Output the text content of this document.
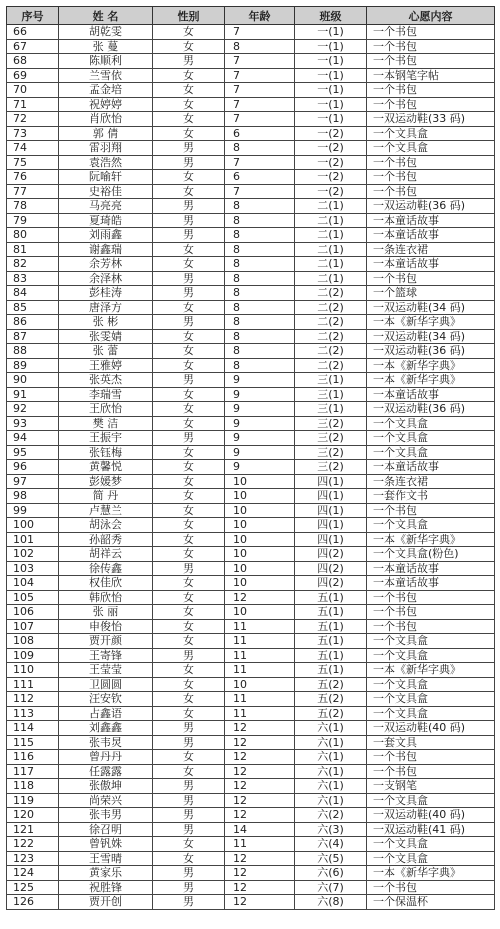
序号	姓 名	性别	年龄	班级	心愿内容
66	胡乾雯	女	7	一(1)	一个书包
67	张 蔓	女	8	一(1)	一个书包
68	陈顺利	男	7	一(1)	一个书包
69	兰雪依	女	7	一(1)	一本钢笔字帖
70	孟金培	女	7	一(1)	一个书包
71	祝婷婷	女	7	一(1)	一个书包
72	肖欣怡	女	7	一(1)	一双运动鞋(33 码)
73	郭 倩	女	6	一(2)	一个文具盒
74	雷羽翔	男	8	一(2)	一个文具盒
75	袁浩然	男	7	一(2)	一个书包
76	阮喻轩	女	6	一(2)	一个书包
77	史裕佳	女	7	一(2)	一个书包
78	马亮亮	男	8	二(1)	一双运动鞋(36 码)
79	夏琦皓	男	8	二(1)	一本童话故事
80	刘雨鑫	男	8	二(1)	一本童话故事
81	谢鑫瑞	女	8	二(1)	一条连衣裙
82	余芳林	女	8	二(1)	一本童话故事
83	余泽林	男	8	二(1)	一个书包
84	彭桂涛	男	8	二(2)	一个篮球
85	唐泽方	女	8	二(2)	一双运动鞋(34 码)
86	张 彬	男	8	二(2)	一本《新华字典》
87	张雯婧	女	8	二(2)	一双运动鞋(34 码)
88	张 蕾	女	8	二(2)	一双运动鞋(36 码)
89	王雅婷	女	8	二(2)	一本《新华字典》
90	张英杰	男	9	三(1)	一本《新华字典》
91	李瑞雪	女	9	三(1)	一本童话故事
92	王欣怡	女	9	三(1)	一双运动鞋(36 码)
93	樊 洁	女	9	三(2)	一个文具盒
94	王振宇	男	9	三(2)	一个文具盒
95	张钰梅	女	9	三(2)	一个文具盒
96	黄馨悦	女	9	三(2)	一本童话故事
97	彭媛梦	女	10	四(1)	一条连衣裙
98	简 丹	女	10	四(1)	一套作文书
99	卢慧兰	女	10	四(1)	一个书包
100	胡泳会	女	10	四(1)	一个文具盒
101	孙韶秀	女	10	四(1)	一本《新华字典》
102	胡祥云	女	10	四(2)	一个文具盒(粉色)
103	徐传鑫	男	10	四(2)	一本童话故事
104	权佳欣	女	10	四(2)	一本童话故事
105	韩欣怡	女	12	五(1)	一个书包
106	张 丽	女	10	五(1)	一个书包
107	申俊怡	女	11	五(1)	一个书包
108	贾开颜	女	11	五(1)	一个文具盒
109	王寄锋	男	11	五(1)	一个文具盒
110	王莹莹	女	11	五(1)	一本《新华字典》
111	卫圆圆	女	10	五(2)	一个文具盒
112	汪安钦	女	11	五(2)	一个文具盒
113	占鑫语	女	11	五(2)	一个文具盒
114	刘鑫鑫	男	12	六(1)	一双运动鞋(40 码)
115	张韦炅	男	12	六(1)	一套文具
116	曾丹丹	女	12	六(1)	一个书包
117	任露露	女	12	六(1)	一个书包
118	张傲坤	男	12	六(1)	一支钢笔
119	尚荣兴	男	12	六(1)	一个文具盒
120	张韦男	男	12	六(2)	一双运动鞋(40 码)
121	徐召明	男	14	六(3)	一双运动鞋(41 码)
122	曾钒姝	女	11	六(4)	一个文具盒
123	王雪晴	女	12	六(5)	一个文具盒
124	黄家乐	男	12	六(6)	一本《新华字典》
125	祝胜锋	男	12	六(7)	一个书包
126	贾开创	男	12	六(8)	一个保温杯
